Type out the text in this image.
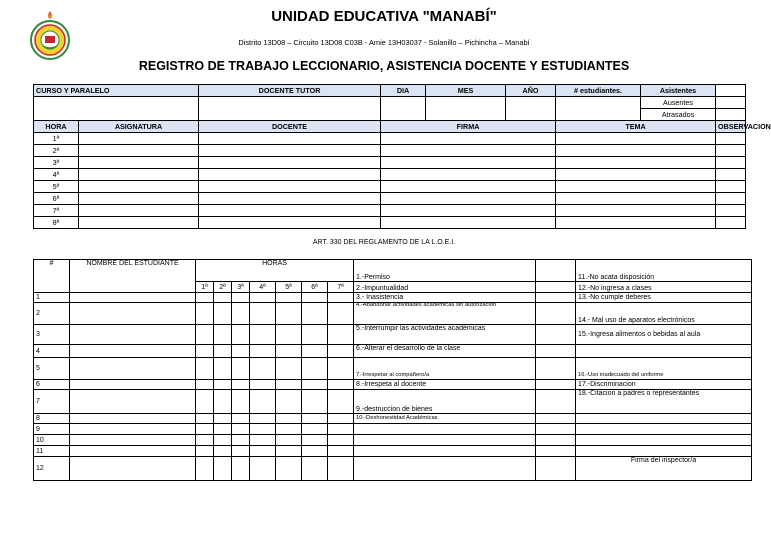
UNIDAD EDUCATIVA "MANABÍ"
Distrito 13D08 – Circuito 13D08 C03B - Amie 13H03037 - Solanillo – Pichincha – Manabí
REGISTRO DE TRABAJO LECCIONARIO, ASISTENCIA DOCENTE Y ESTUDIANTES
CURSO Y PARALELO		DOCENTE TUTOR	DIA	MES	AÑO	# estudiantes.	Asistentes	
							Ausentes	
							Atrasados	
HORA	ASIGNATURA	DOCENTE	FIRMA			TEMA		OBSERVACION
1ª								
2ª								
3ª								
4ª								
5ª								
6ª								
7ª								
8ª								
ART. 330 DEL REGLAMENTO DE LA L.O.E.I.
#	NOMBRE DEL ESTUDIANTE	HORAS							1.-Permiso		11.-No acata disposición
		1ª	2ª	3ª	4ª	5ª	6ª	7ª	2.-Impuntualidad		12.-No ingresa a clases
1									3.- Inasistencia		13.-No cumple deberes
2									4.-Abandonar actividades académicas sin autorización		14.- Mal uso de aparatos electrónicos
3									5.-Interrumpir las actividades académicas		15.-Ingresa alimentos o bebidas al aula
4									6.-Alterar el desarrollo de la clase		
5									7.-Irrespetar al compañero/a		16.-Uso inadecuado del uniforme
6									8.-Irrespeta al docente		17.-Discriminacion
7									9.-destruccion de bienes		18.-Citacion a padres o representantes
8									10.-Deshonestidad Académicas		
9											
10											
11											
12											Firma del inspector/a
